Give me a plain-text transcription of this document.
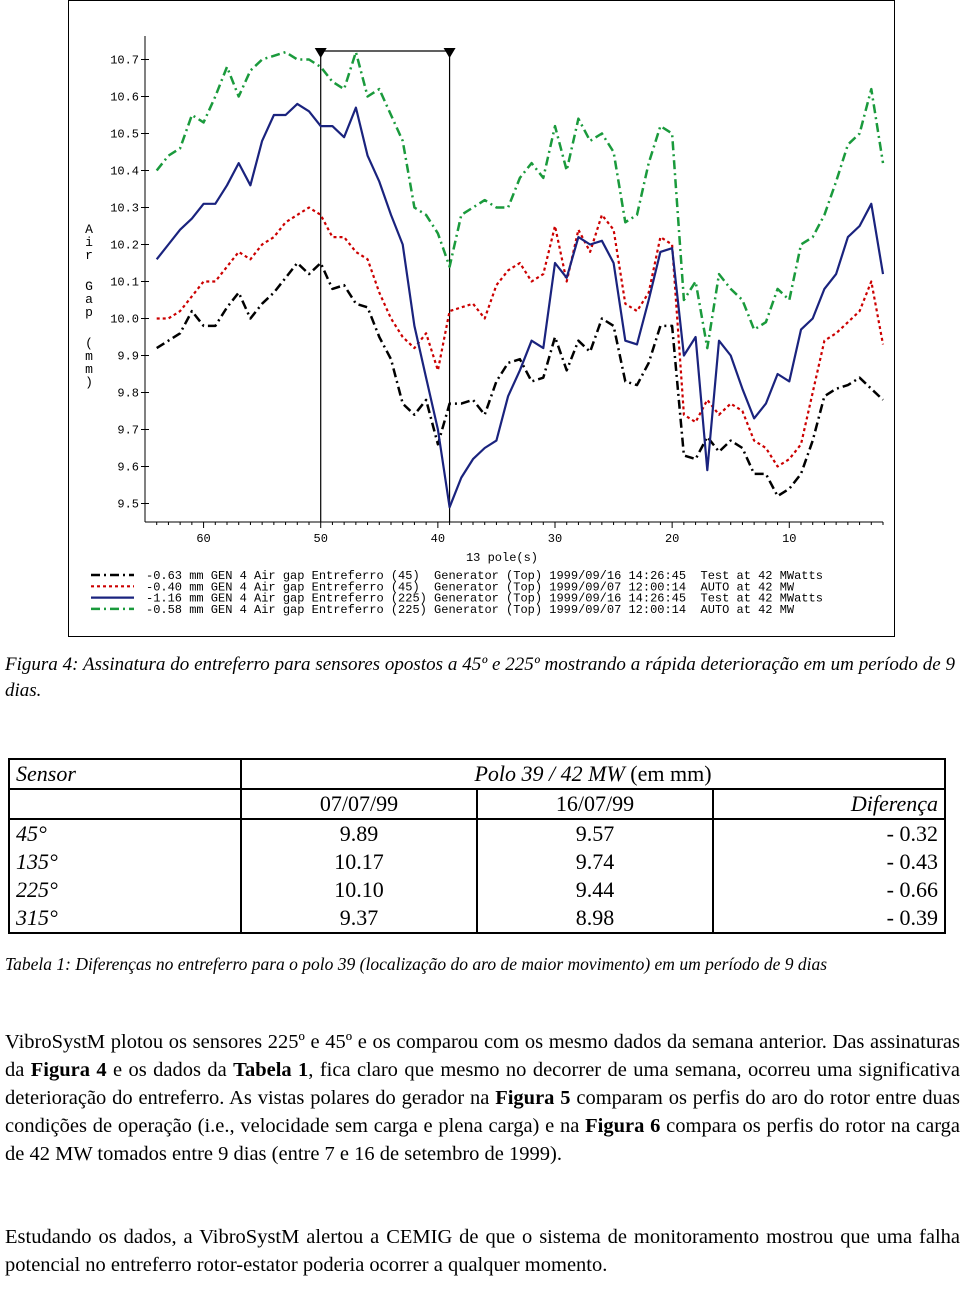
10.7
10.6
10.5
10.4
10.3
10.2
10.1
10.0
9.9
9.8
9.7
9.6
9.5
A
i
r
G
a
p
(
m
m
)
60	50	40	30	20	10
13 pole(s)
-0.63 mm GEN 4 Air gap Entreferro (45)  Generator (Top) 1999/09/16 14:26:45  Test at 42 MWatts
-0.40 mm GEN 4 Air gap Entreferro (45)  Generator (Top) 1999/09/07 12:00:14  AUTO at 42 MW
-1.16 mm GEN 4 Air gap Entreferro (225) Generator (Top) 1999/09/16 14:26:45  Test at 42 MWatts
-0.58 mm GEN 4 Air gap Entreferro (225) Generator (Top) 1999/09/07 12:00:14  AUTO at 42 MW
Figura 4: Assinatura do entreferro para sensores opostos a 45º e 225º mostrando a rápida deterioração em um período de 9 dias.
Sensor	Polo 39 / 42 MW (em mm)		
	07/07/99	16/07/99	Diferença
45°	9.89	9.57	- 0.32
135°	10.17	9.74	- 0.43
225°	10.10	9.44	- 0.66
315°	9.37	8.98	- 0.39
Tabela 1: Diferenças no entreferro para o polo 39 (localização do aro de maior movimento) em um período de 9 dias
VibroSystM plotou os sensores 225º e 45º e os comparou com os mesmo dados da semana anterior. Das assinaturas da Figura 4 e os dados da Tabela 1, fica claro que mesmo no decorrer de uma semana, ocorreu uma significativa deterioração do entreferro. As vistas polares do gerador na Figura 5 comparam os perfis do aro do rotor entre duas condições de operação (i.e., velocidade sem carga e plena carga) e na Figura 6 compara os perfis do rotor na carga de 42 MW tomados entre 9 dias (entre 7 e 16 de setembro de 1999).
Estudando os dados, a VibroSystM alertou a CEMIG de que o sistema de monitoramento mostrou que uma falha potencial no entreferro rotor-estator poderia ocorrer a qualquer momento.
